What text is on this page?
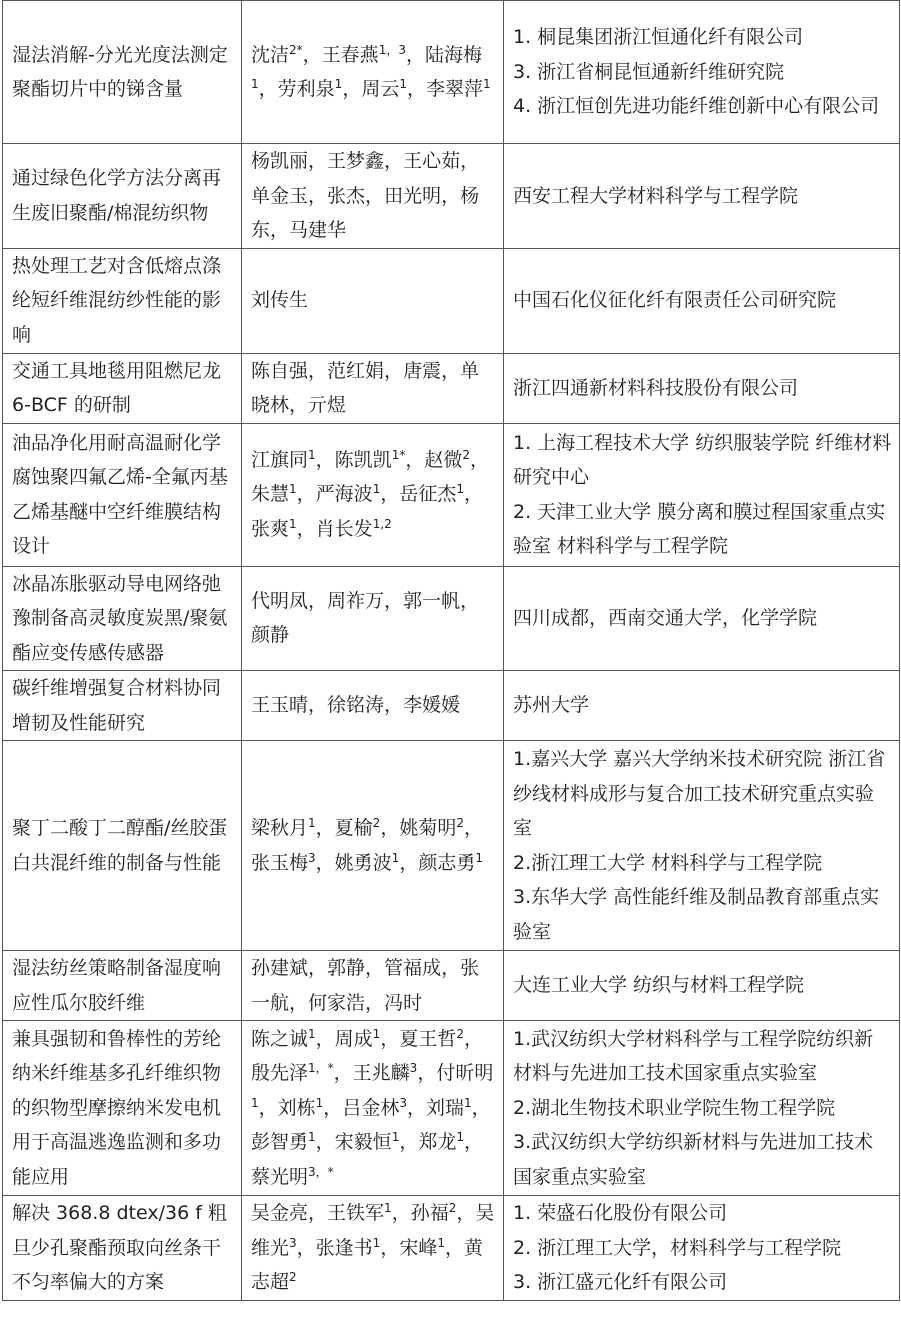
湿法消解-分光光度法测定聚酯切片中的锑含量	沈洁$^{2*}$，王春燕$^{1,3}$，陆海梅$^1$，劳利泉$^1$，周云$^1$，李翠萍$^1$	1. 桐昆集团浙江恒通化纤有限公司
3. 浙江省桐昆恒通新纤维研究院
4. 浙江恒创先进功能纤维创新中心有限公司

通过绿色化学方法分离再生废旧聚酯/棉混纺织物	杨凯丽，王梦鑫，王心茹，单金玉，张杰，田光明，杨东，马建华	西安工程大学材料科学与工程学院

热处理工艺对含低熔点涤纶短纤维混纺纱性能的影响	刘传生	中国石化仪征化纤有限责任公司研究院

交通工具地毯用阻燃尼龙 6-BCF 的研制	陈自强，范红娟，唐震，单晓林，亓煜	浙江四通新材料科技股份有限公司

油品净化用耐高温耐化学腐蚀聚四氟乙烯-全氟丙基乙烯基醚中空纤维膜结构设计	江旗同$^1$，陈凯凯$^{1*}$，赵微$^2$，朱慧$^1$，严海波$^1$，岳征杰$^1$，张爽$^1$，肖长发$^{1,2}$	1. 上海工程技术大学 纺织服装学院 纤维材料研究中心
2. 天津工业大学 膜分离和膜过程国家重点实验室 材料科学与工程学院

冰晶冻胀驱动导电网络弛豫制备高灵敏度炭黑/聚氨酯应变传感传感器	代明凤，周祚万，郭一帆，颜静	四川成都，西南交通大学，化学学院

碳纤维增强复合材料协同增韧及性能研究	王玉晴，徐铭涛，李媛媛	苏州大学

聚丁二酸丁二醇酯/丝胶蛋白共混纤维的制备与性能	梁秋月$^1$，夏榆$^2$，姚菊明$^2$，张玉梅$^3$，姚勇波$^1$，颜志勇$^1$	1.嘉兴大学 嘉兴大学纳米技术研究院 浙江省纱线材料成形与复合加工技术研究重点实验室
2.浙江理工大学 材料科学与工程学院
3.东华大学 高性能纤维及制品教育部重点实验室

湿法纺丝策略制备湿度响应性瓜尔胶纤维	孙建斌，郭静，管福成，张一航，何家浩，冯时	大连工业大学 纺织与材料工程学院

兼具强韧和鲁棒性的芳纶纳米纤维基多孔纤维织物的织物型摩擦纳米发电机用于高温逃逸监测和多功能应用	陈之诚$^1$，周成$^1$，夏王哲$^2$，殷先泽$^{1,*}$，王兆麟$^3$，付昕明$^1$，刘栋$^1$，吕金林$^3$，刘瑞$^1$，彭智勇$^1$，宋毅恒$^1$，郑龙$^1$，蔡光明$^{3,*}$	1.武汉纺织大学材料科学与工程学院纺织新材料与先进加工技术国家重点实验室
2.湖北生物技术职业学院生物工程学院
3.武汉纺织大学纺织新材料与先进加工技术国家重点实验室

解决 368.8 dtex/36 f 粗旦少孔聚酯预取向丝条干不匀率偏大的方案	吴金亮，王铁军$^1$，孙福$^2$，吴维光$^3$，张逢书$^1$，宋峰$^1$，黄志超$^2$	1. 荣盛石化股份有限公司
2. 浙江理工大学，材料科学与工程学院
3. 浙江盛元化纤有限公司
